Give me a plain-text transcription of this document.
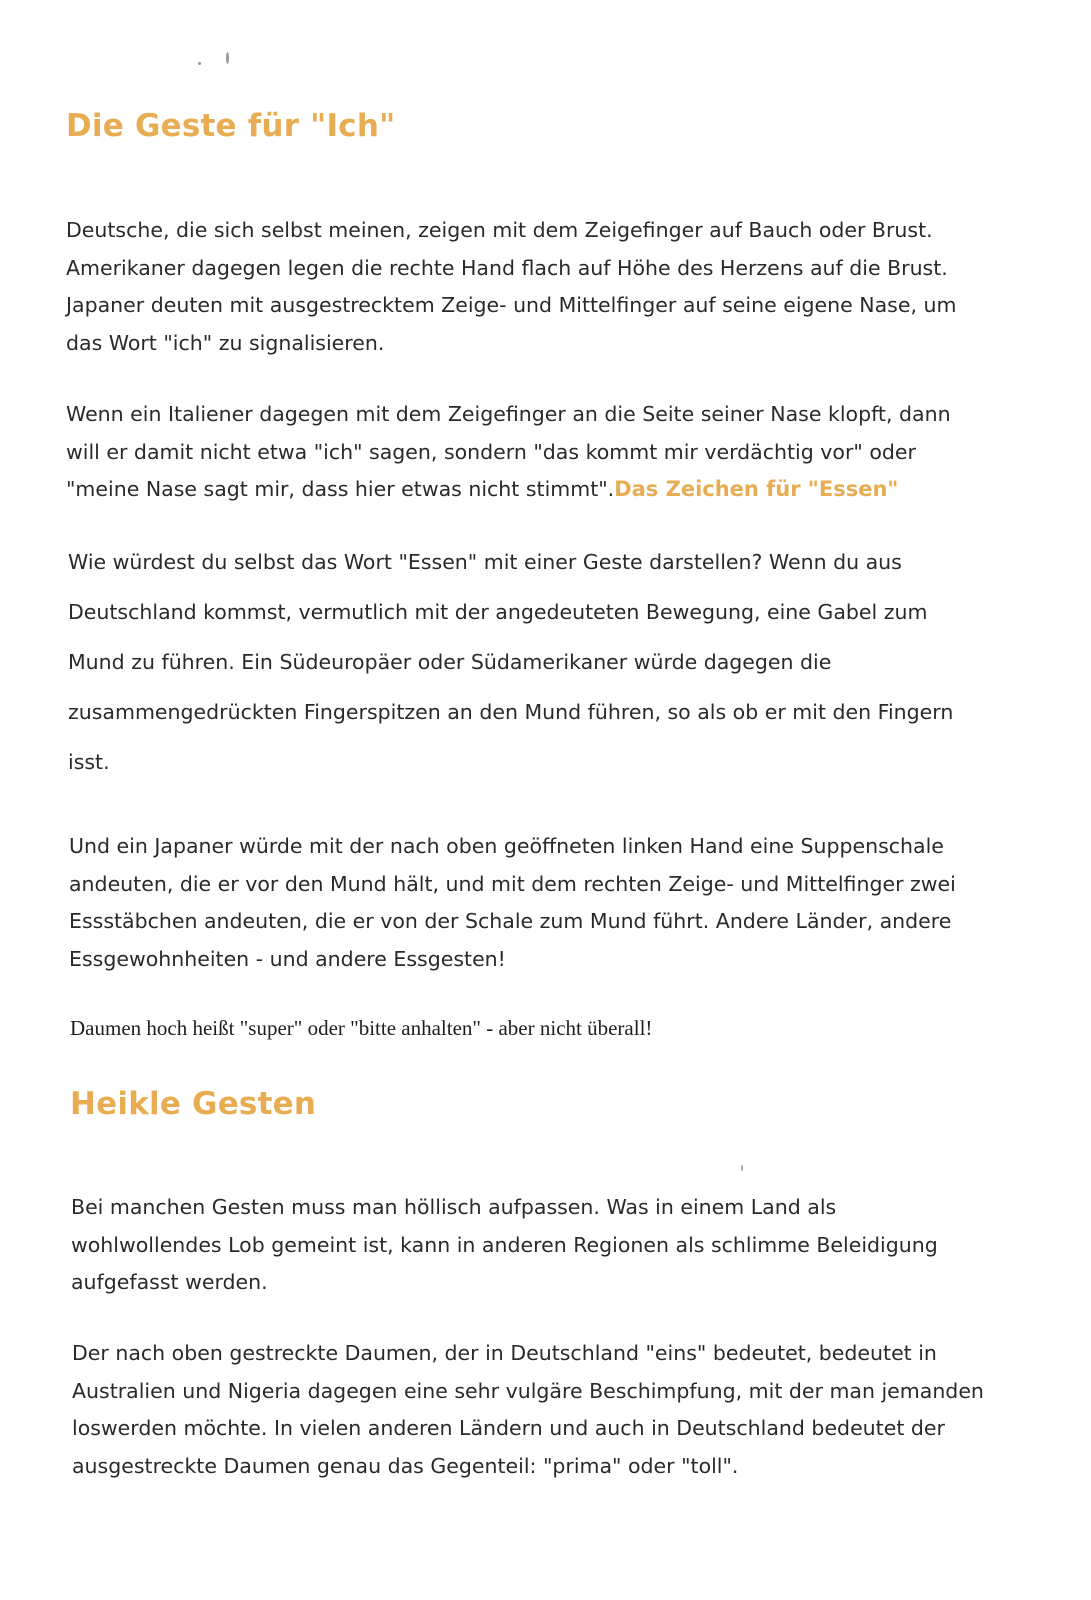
Die Geste für "Ich"

Deutsche, die sich selbst meinen, zeigen mit dem Zeigefinger auf Bauch oder Brust. Amerikaner dagegen legen die rechte Hand flach auf Höhe des Herzens auf die Brust. Japaner deuten mit ausgestrecktem Zeige- und Mittelfinger auf seine eigene Nase, um das Wort "ich" zu signalisieren.

Wenn ein Italiener dagegen mit dem Zeigefinger an die Seite seiner Nase klopft, dann will er damit nicht etwa "ich" sagen, sondern "das kommt mir verdächtig vor" oder "meine Nase sagt mir, dass hier etwas nicht stimmt".Das Zeichen für "Essen"

Wie würdest du selbst das Wort "Essen" mit einer Geste darstellen? Wenn du aus Deutschland kommst, vermutlich mit der angedeuteten Bewegung, eine Gabel zum Mund zu führen. Ein Südeuropäer oder Südamerikaner würde dagegen die zusammengedrückten Fingerspitzen an den Mund führen, so als ob er mit den Fingern isst.

Und ein Japaner würde mit der nach oben geöffneten linken Hand eine Suppenschale andeuten, die er vor den Mund hält, und mit dem rechten Zeige- und Mittelfinger zwei Essstäbchen andeuten, die er von der Schale zum Mund führt. Andere Länder, andere Essgewohnheiten - und andere Essgesten!

Daumen hoch heißt "super" oder "bitte anhalten" - aber nicht überall!
Heikle Gesten

Bei manchen Gesten muss man höllisch aufpassen. Was in einem Land als wohlwollendes Lob gemeint ist, kann in anderen Regionen als schlimme Beleidigung aufgefasst werden.

Der nach oben gestreckte Daumen, der in Deutschland "eins" bedeutet, bedeutet in Australien und Nigeria dagegen eine sehr vulgäre Beschimpfung, mit der man jemanden loswerden möchte. In vielen anderen Ländern und auch in Deutschland bedeutet der ausgestreckte Daumen genau das Gegenteil: "prima" oder "toll".
